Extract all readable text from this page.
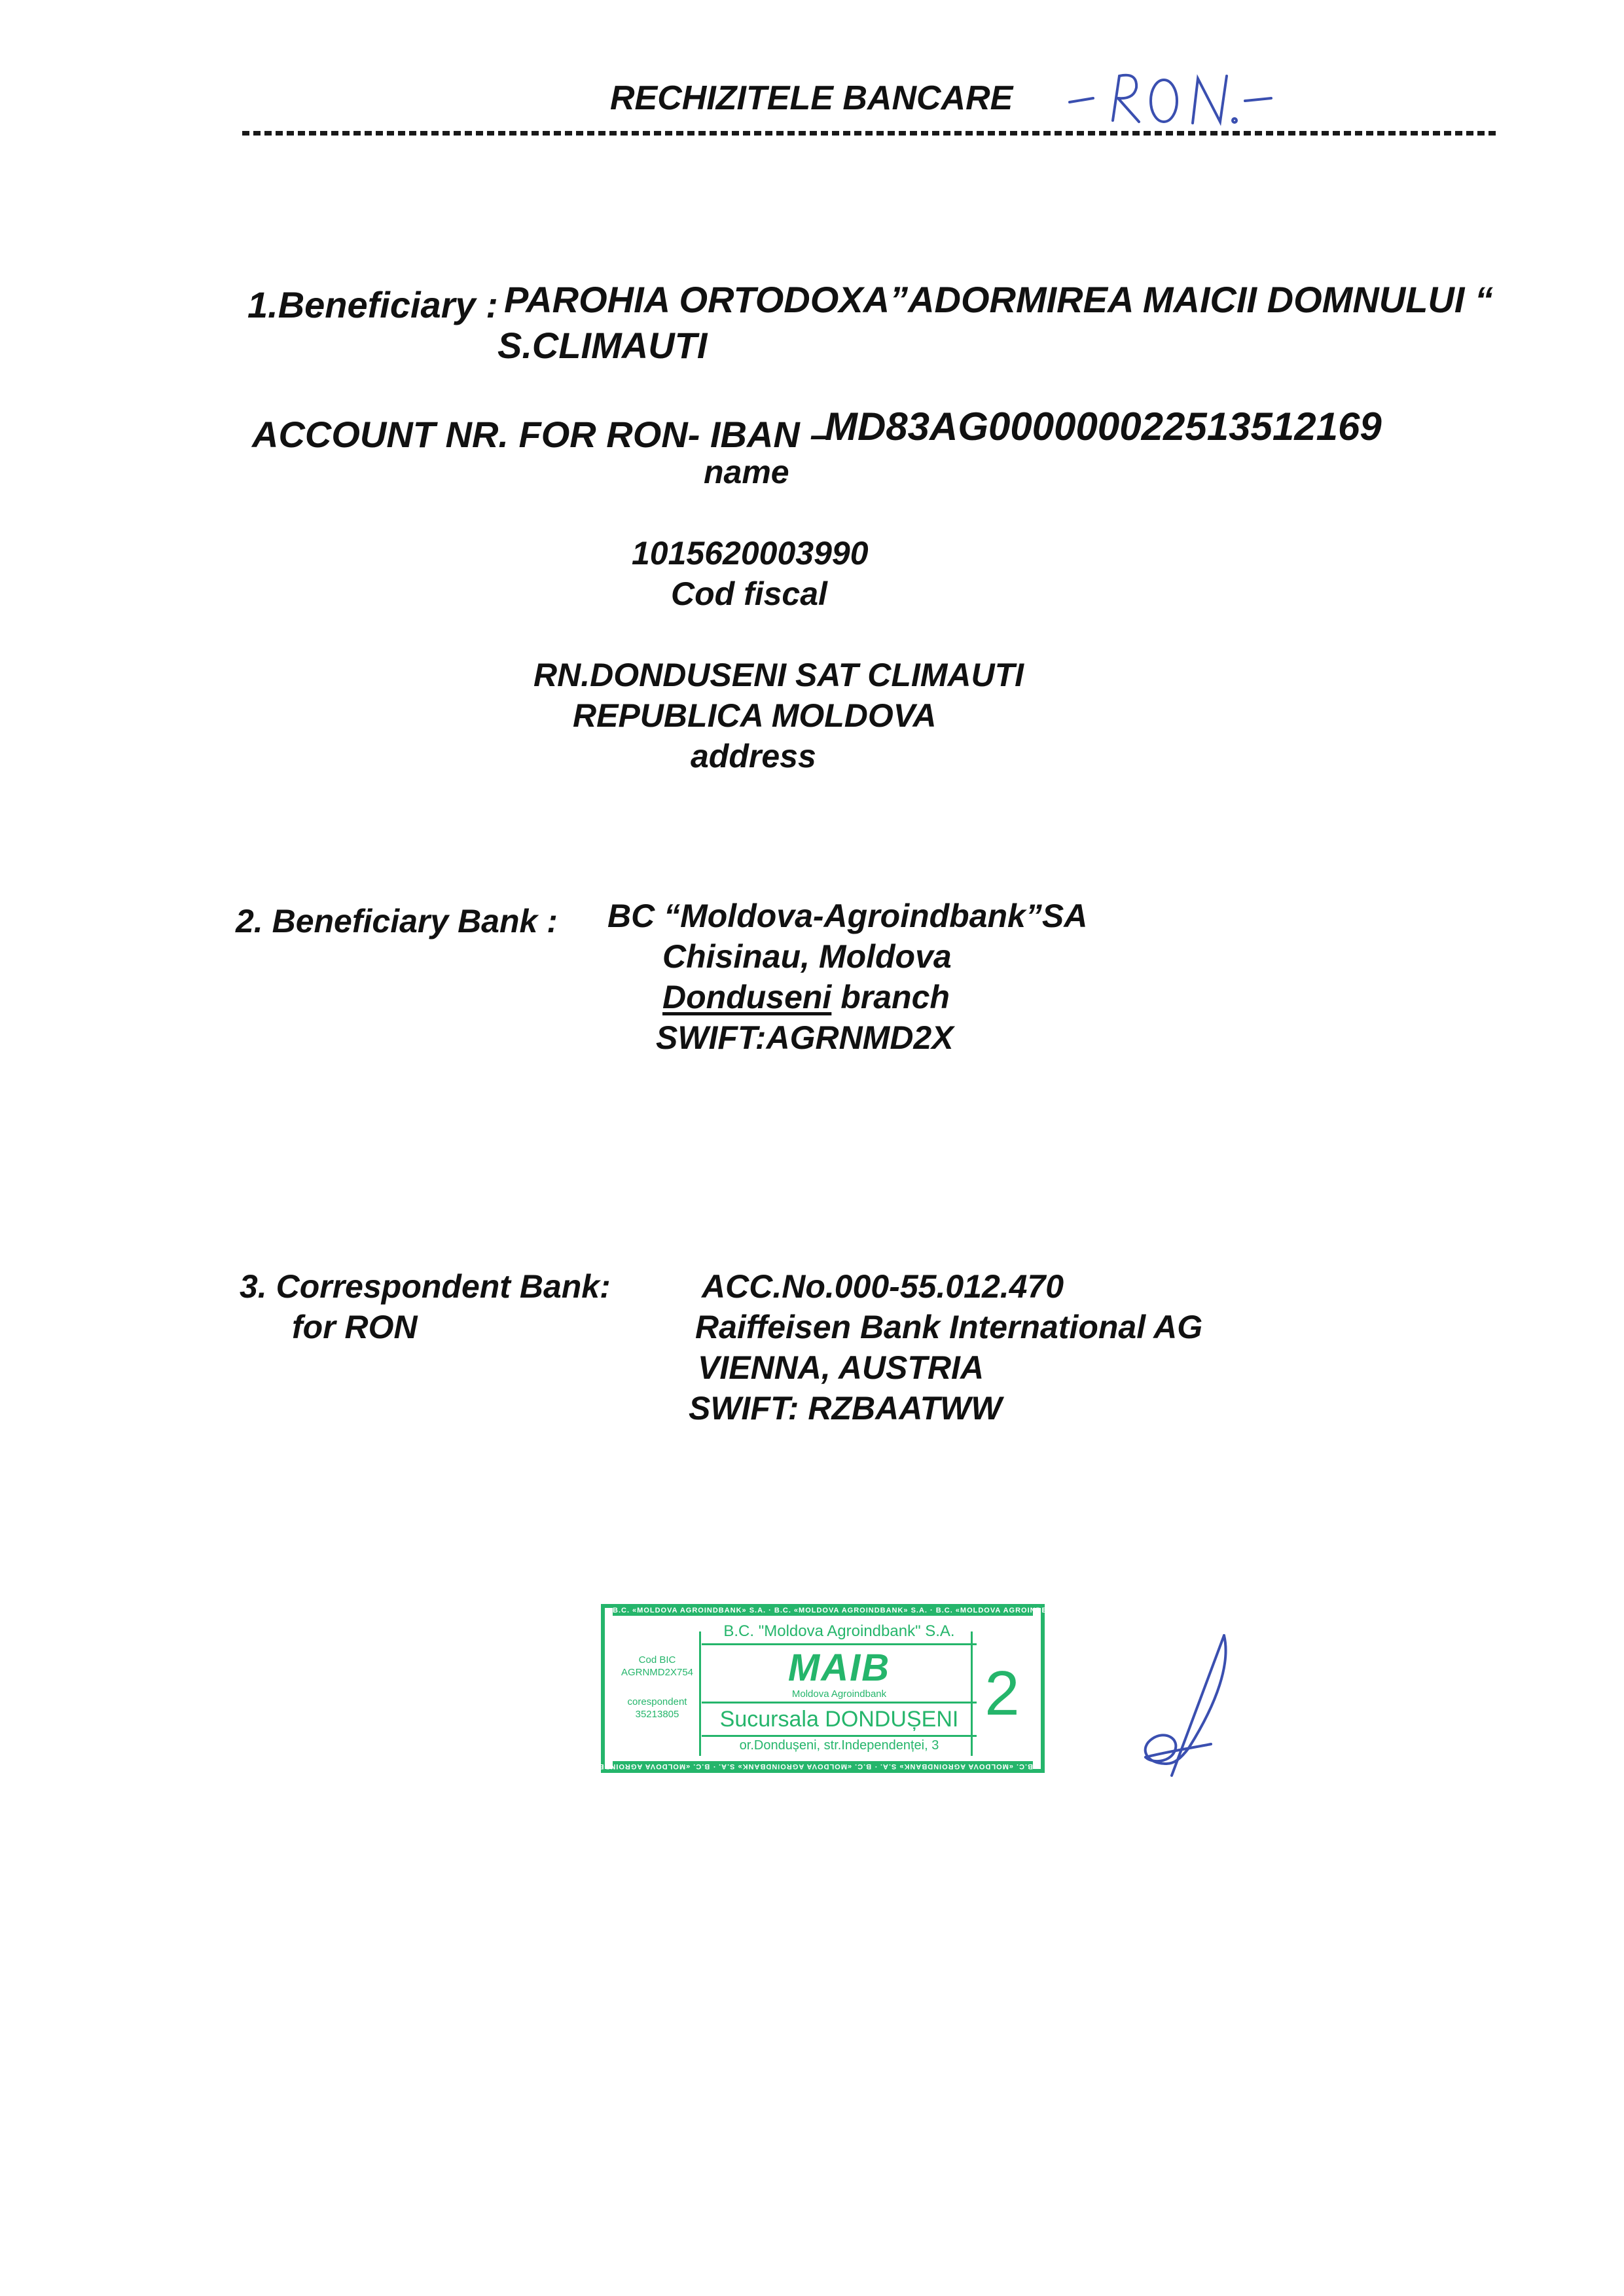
RECHIZITELE BANCARE
1.Beneficiary : PAROHIA ORTODOXA”ADORMIREA MAICII DOMNULUI “
S.CLIMAUTI
ACCOUNT NR. FOR RON- IBAN –
MD83AG000000022513512169
name
1015620003990
Cod fiscal
RN.DONDUSENI SAT CLIMAUTI
REPUBLICA MOLDOVA
address
2. Beneficiary Bank : BC “Moldova-Agroindbank”SA
Chisinau, Moldova
Donduseni branch
SWIFT:AGRNMD2X
3. Correspondent Bank:
for RON
ACC.No.000-55.012.470
Raiffeisen Bank International AG
VIENNA, AUSTRIA
SWIFT: RZBAATWW
B.C. «MOLDOVA AGROINDBANK» S.A. · B.C. «MOLDOVA AGROINDBANK» S.A. · B.C. «MOLDOVA AGROINDBANK» S.A.
B.C. «MOLDOVA AGROINDBANK» S.A. · B.C. «MOLDOVA AGROINDBANK» S.A. · B.C. «MOLDOVA AGROINDBANK» S.A.
Cod BIC
AGRNMD2X754
corespondent
35213805
B.C. "Moldova Agroindbank" S.A.
MAIB
Moldova Agroindbank
Sucursala DONDUȘENI
or.Dondușeni, str.Independenței, 3
2
